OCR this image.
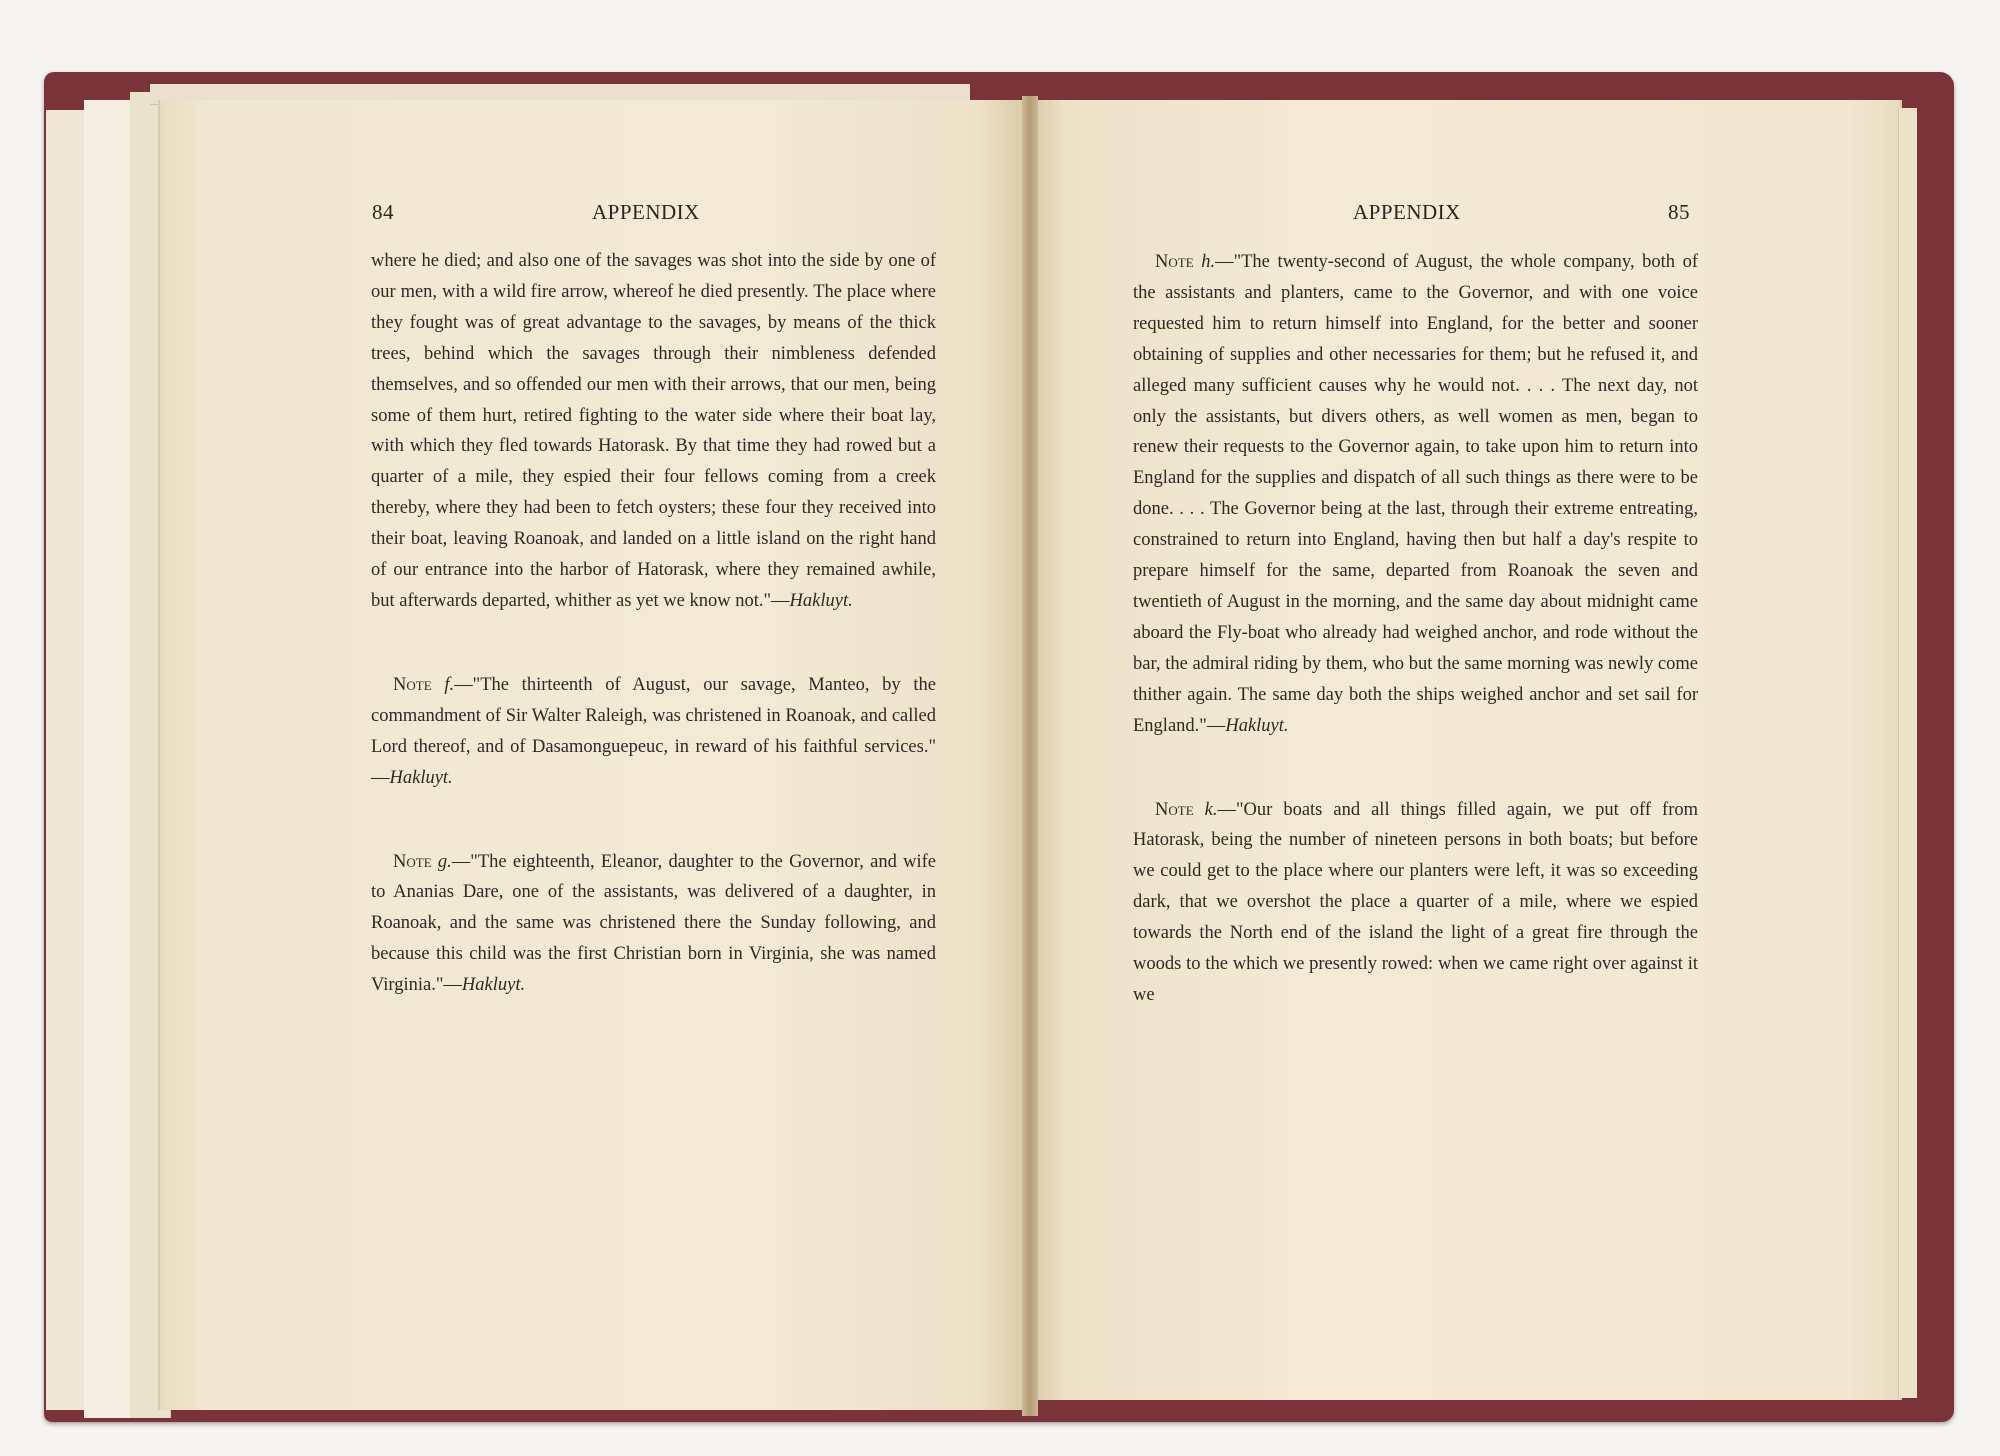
84	APPENDIX	APPENDIX	85

where he died; and also one of the savages was shot into the side by one of our men, with a wild fire arrow, whereof he died presently. The place where they fought was of great advantage to the savages, by means of the thick trees, behind which the savages through their nimbleness defended themselves, and so offended our men with their arrows, that our men, being some of them hurt, retired fighting to the water side where their boat lay, with which they fled towards Hatorask. By that time they had rowed but a quarter of a mile, they espied their four fellows coming from a creek thereby, where they had been to fetch oysters; these four they received into their boat, leaving Roanoak, and landed on a little island on the right hand of our entrance into the harbor of Hatorask, where they remained awhile, but afterwards departed, whither as yet we know not."—Hakluyt.

Note f.—"The thirteenth of August, our savage, Manteo, by the commandment of Sir Walter Raleigh, was christened in Roanoak, and called Lord thereof, and of Dasamonguepeuc, in reward of his faithful services." —Hakluyt.

Note g.—"The eighteenth, Eleanor, daughter to the Governor, and wife to Ananias Dare, one of the assistants, was delivered of a daughter, in Roanoak, and the same was christened there the Sunday following, and because this child was the first Christian born in Virginia, she was named Virginia."—Hakluyt.

Note h.—"The twenty-second of August, the whole company, both of the assistants and planters, came to the Governor, and with one voice requested him to return himself into England, for the better and sooner obtaining of supplies and other necessaries for them; but he refused it, and alleged many sufficient causes why he would not. . . . The next day, not only the assistants, but divers others, as well women as men, began to renew their requests to the Governor again, to take upon him to return into England for the supplies and dispatch of all such things as there were to be done. . . . The Governor being at the last, through their extreme entreating, constrained to return into England, having then but half a day's respite to prepare himself for the same, departed from Roanoak the seven and twentieth of August in the morning, and the same day about midnight came aboard the Fly-boat who already had weighed anchor, and rode without the bar, the admiral riding by them, who but the same morning was newly come thither again. The same day both the ships weighed anchor and set sail for England."—Hakluyt.

Note k.—"Our boats and all things filled again, we put off from Hatorask, being the number of nineteen persons in both boats; but before we could get to the place where our planters were left, it was so exceeding dark, that we overshot the place a quarter of a mile, where we espied towards the North end of the island the light of a great fire through the woods to the which we presently rowed: when we came right over against it we
